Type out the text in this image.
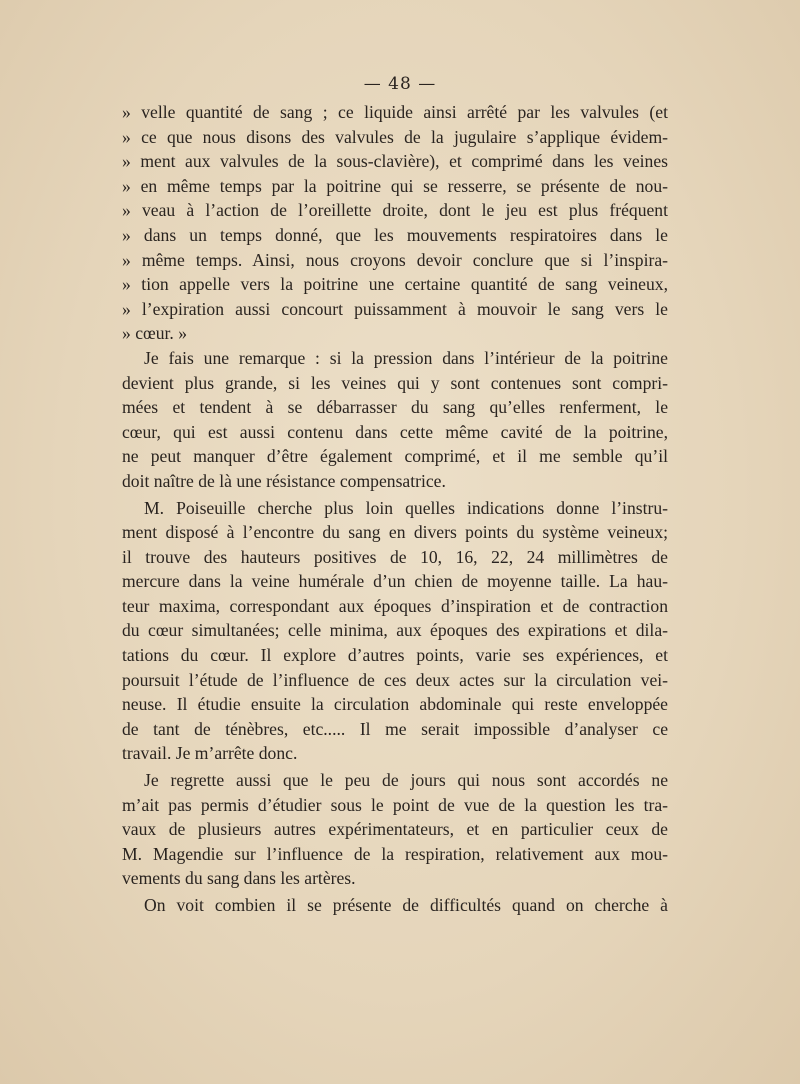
— 48 —

» velle quantité de sang ; ce liquide ainsi arrêté par les valvules (et
» ce que nous disons des valvules de la jugulaire s’applique évidem-
» ment aux valvules de la sous-clavière), et comprimé dans les veines
» en même temps par la poitrine qui se resserre, se présente de nou-
» veau à l’action de l’oreillette droite, dont le jeu est plus fréquent
» dans un temps donné, que les mouvements respiratoires dans le
» même temps. Ainsi, nous croyons devoir conclure que si l’inspira-
» tion appelle vers la poitrine une certaine quantité de sang veineux,
» l’expiration aussi concourt puissamment à mouvoir le sang vers le
» cœur. »
Je fais une remarque : si la pression dans l’intérieur de la poitrine
devient plus grande, si les veines qui y sont contenues sont compri-
mées et tendent à se débarrasser du sang qu’elles renferment, le
cœur, qui est aussi contenu dans cette même cavité de la poitrine,
ne peut manquer d’être également comprimé, et il me semble qu’il
doit naître de là une résistance compensatrice.
M. Poiseuille cherche plus loin quelles indications donne l’instru-
ment disposé à l’encontre du sang en divers points du système veineux;
il trouve des hauteurs positives de 10, 16, 22, 24 millimètres de
mercure dans la veine humérale d’un chien de moyenne taille. La hau-
teur maxima, correspondant aux époques d’inspiration et de contraction
du cœur simultanées; celle minima, aux époques des expirations et dila-
tations du cœur. Il explore d’autres points, varie ses expériences, et
poursuit l’étude de l’influence de ces deux actes sur la circulation vei-
neuse. Il étudie ensuite la circulation abdominale qui reste enveloppée
de tant de ténèbres, etc..... Il me serait impossible d’analyser ce
travail. Je m’arrête donc.
Je regrette aussi que le peu de jours qui nous sont accordés ne
m’ait pas permis d’étudier sous le point de vue de la question les tra-
vaux de plusieurs autres expérimentateurs, et en particulier ceux de
M. Magendie sur l’influence de la respiration, relativement aux mou-
vements du sang dans les artères.
On voit combien il se présente de difficultés quand on cherche à
